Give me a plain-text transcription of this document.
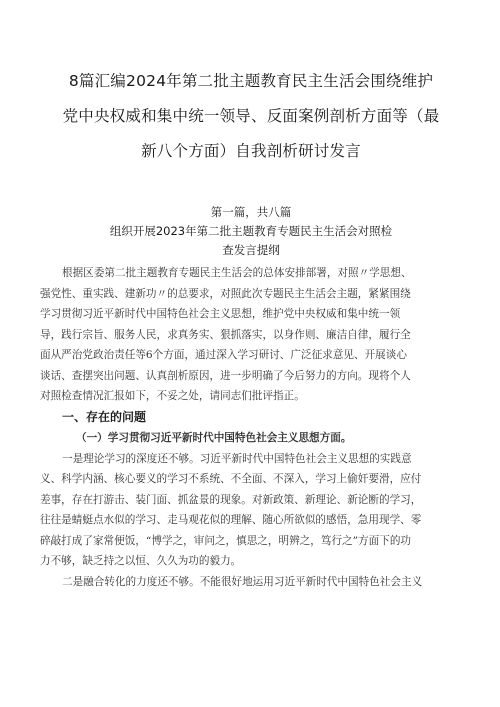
8篇汇编2024年第二批主题教育民主生活会围绕维护
党中央权威和集中统一领导、反面案例剖析方面等（最
新八个方面）自我剖析研讨发言
第一篇，共八篇
组织开展2023年第二批主题教育专题民主生活会对照检
查发言提纲

根据区委第二批主题教育专题民主生活会的总体安排部署，对照〃学思想、
强党性、重实践、建新功〃的总要求，对照此次专题民主生活会主题，紧紧围绕
学习贯彻习近平新时代中国特色社会主义思想，维护党中央权威和集中统一领
导，践行宗旨、服务人民，求真务实、狠抓落实，以身作则、廉洁自律，履行全
面从严治党政治责任等6个方面，通过深入学习研讨、广泛征求意见、开展谈心
谈话、查摆突出问题、认真剖析原因，进一步明确了今后努力的方向。现将个人
对照检查情况汇报如下，不妥之处，请同志们批评指正。

一、存在的问题
（一）学习贯彻习近平新时代中国特色社会主义思想方面。

一是理论学习的深度还不够。习近平新时代中国特色社会主义思想的实践意
义、科学内涵、核心要义的学习不系统、不全面、不深入，学习上偷奸要滑，应付
差事，存在打游击、装门面、抓盆景的现象。对新政策、新理论、新论断的学习，
往往是蜻蜓点水似的学习、走马观花似的理解、随心所欲似的感悟，急用现学、零
碎敲打成了家常便饭，“博学之，审问之，慎思之，明辨之，笃行之”方面下的功
力不够，缺乏持之以恒、久久为功的毅力。

二是融合转化的力度还不够。不能很好地运用习近平新时代中国特色社会主义
